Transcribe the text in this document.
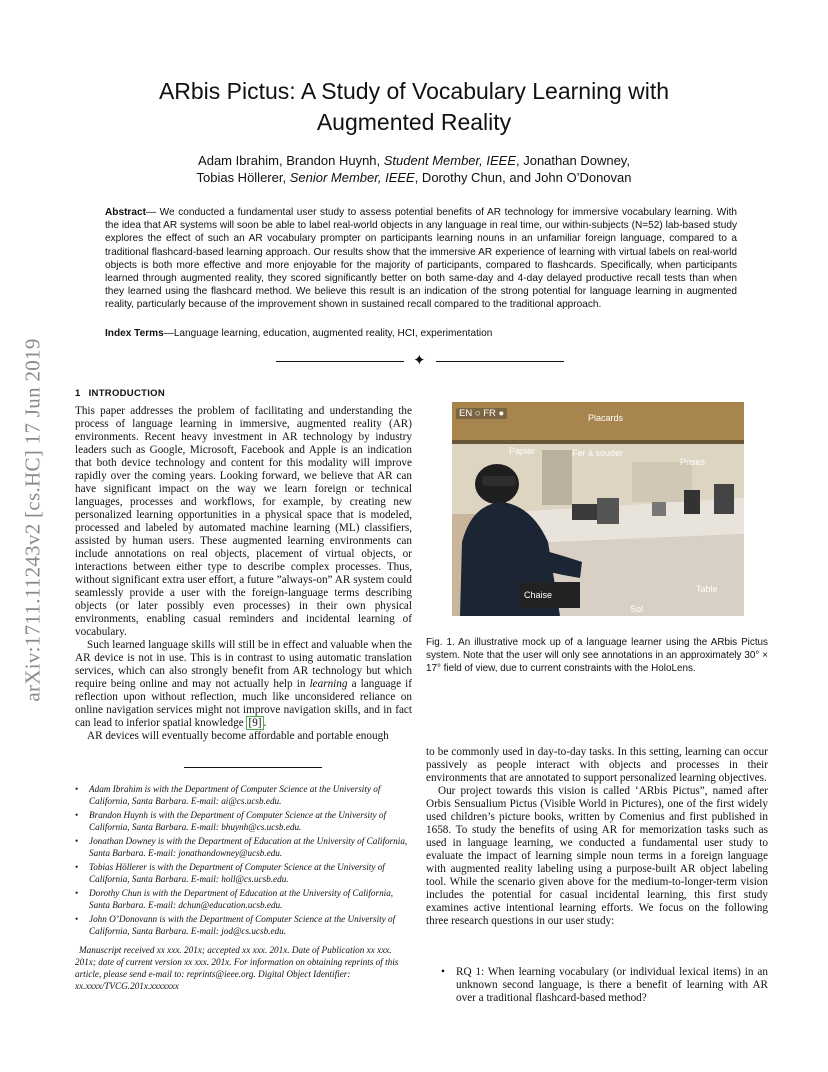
arXiv:1711.11243v2 [cs.HC] 17 Jun 2019
ARbis Pictus: A Study of Vocabulary Learning with
Augmented Reality
Adam Ibrahim, Brandon Huynh, Student Member, IEEE, Jonathan Downey,
Tobias Höllerer, Senior Member, IEEE, Dorothy Chun, and John O’Donovan
Abstract— We conducted a fundamental user study to assess potential benefits of AR technology for immersive vocabulary learning. With the idea that AR systems will soon be able to label real-world objects in any language in real time, our within-subjects (N=52) lab-based study explores the effect of such an AR vocabulary prompter on participants learning nouns in an unfamiliar foreign language, compared to a traditional flashcard-based learning approach. Our results show that the immersive AR experience of learning with virtual labels on real-world objects is both more effective and more enjoyable for the majority of participants, compared to flashcards. Specifically, when participants learned through augmented reality, they scored significantly better on both same-day and 4-day delayed productive recall tests than when they learned using the flashcard method. We believe this result is an indication of the strong potential for language learning in augmented reality, particularly because of the improvement shown in sustained recall compared to the traditional approach.
Index Terms—Language learning, education, augmented reality, HCI, experimentation
✦
1 INTRODUCTION

This paper addresses the problem of facilitating and understanding the process of language learning in immersive, augmented reality (AR) environments. Recent heavy investment in AR technology by industry leaders such as Google, Microsoft, Facebook and Apple is an indication that both device technology and content for this modality will improve rapidly over the coming years. Looking forward, we believe that AR can have significant impact on the way we learn foreign or technical languages, processes and workflows, for example, by creating new personalized learning opportunities in a physical space that is modeled, processed and labeled by automated machine learning (ML) classifiers, assisted by human users. These augmented learning environments can include annotations on real objects, placement of virtual objects, or interactions between either type to describe complex processes. Thus, without significant extra user effort, a future ”always-on” AR system could seamlessly provide a user with the foreign-language terms describing objects (or later possibly even processes) in their own physical environments, enabling casual reminders and incidental learning of vocabulary.

Such learned language skills will still be in effect and valuable when the AR device is not in use. This is in contrast to using automatic translation services, which can also strongly benefit from AR technology but which require being online and may not actually help in learning a language if reflection upon without reflection, much like unconsidered reliance on online navigation services might not improve navigation skills, and in fact can lead to inferior spatial knowledge [9] .

AR devices will eventually become affordable and portable enough

• Adam Ibrahim is with the Department of Computer Science at the University of California, Santa Barbara. E-mail: ai@cs.ucsb.edu.
• Brandon Huynh is with the Department of Computer Science at the University of California, Santa Barbara. E-mail: bhuynh@cs.ucsb.edu.
• Jonathan Downey is with the Department of Education at the University of California, Santa Barbara. E-mail: jonathandowney@ucsb.edu.
• Tobias Höllerer is with the Department of Computer Science at the University of California, Santa Barbara. E-mail: holl@cs.ucsb.edu.
• Dorothy Chun is with the Department of Education at the University of California, Santa Barbara. E-mail: dchun@education.ucsb.edu.
• John O’Donovann is with the Department of Computer Science at the University of California, Santa Barbara. E-mail: jod@cs.ucsb.edu.
Manuscript received xx xxx. 201x; accepted xx xxx. 201x. Date of Publication xx xxx. 201x; date of current version xx xxx. 201x. For information on obtaining reprints of this article, please send e-mail to: reprints@ieee.org. Digital Object Identifier: xx.xxxx/TVCG.201x.xxxxxxx
EN ○ FR ●	Placards
Papier	Fer à souder
Prises
Chaise
Table
Sol
Fig. 1. An illustrative mock up of a language learner using the ARbis Pictus system. Note that the user will only see annotations in an approximately 30° × 17° field of view, due to current constraints with the HoloLens.

to be commonly used in day-to-day tasks. In this setting, learning can occur passively as people interact with objects and processes in their environments that are annotated to support personalized learning objectives.

Our project towards this vision is called ‘ARbis Pictus”, named after Orbis Sensualium Pictus (Visible World in Pictures), one of the first widely used children’s picture books, written by Comenius and first published in 1658. To study the benefits of using AR for memorization tasks such as used in language learning, we conducted a fundamental user study to evaluate the impact of learning simple noun terms in a foreign language with augmented reality labeling using a purpose-built AR object labeling tool. While the scenario given above for the medium-to-longer-term vision includes the potential for casual incidental learning, this first study examines active intentional learning efforts. We focus on the following three research questions in our user study:

• RQ 1: When learning vocabulary (or individual lexical items) in an unknown second language, is there a benefit of learning with AR over a traditional flashcard-based method?
